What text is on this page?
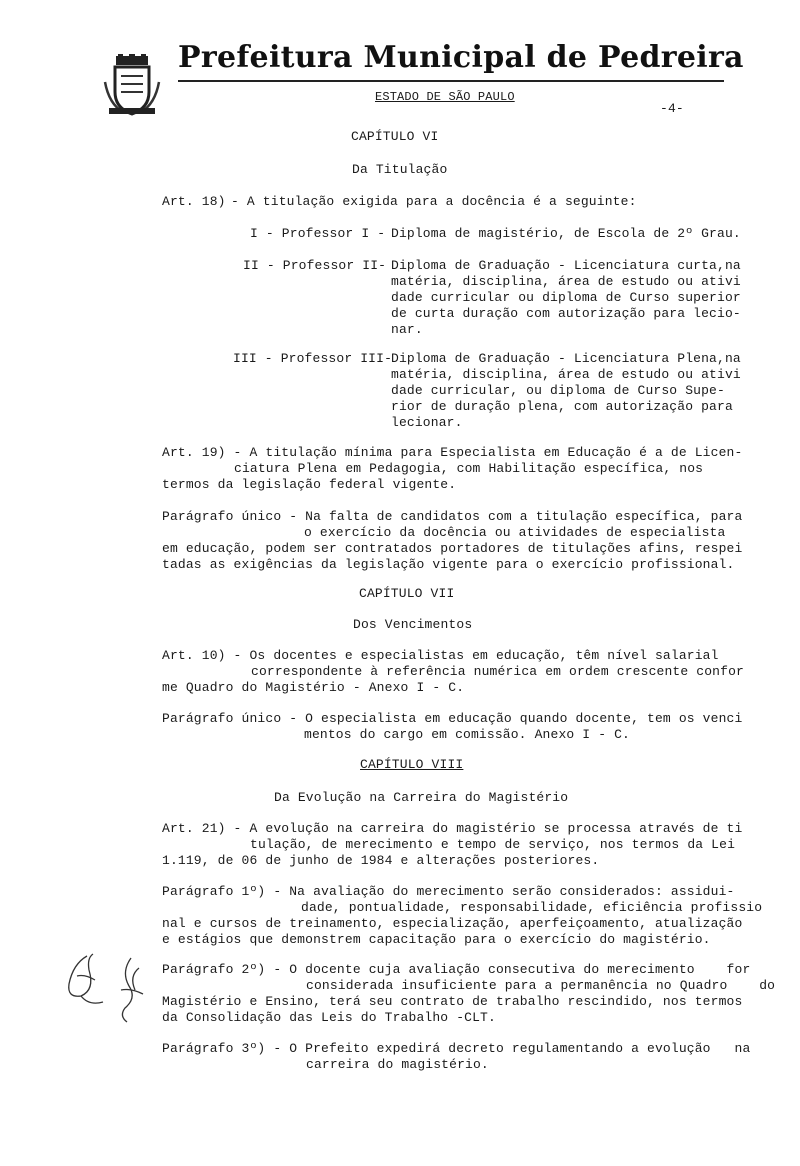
Prefeitura Municipal de Pedreira
ESTADO DE SÃO PAULO
-4-
CAPÍTULO VI
Da Titulação
Art. 18) - A titulação exigida para a docência é a seguinte:
I - Professor I - Diploma de magistério, de Escola de 2º Grau.
II - Professor II- Diploma de Graduação - Licenciatura curta,na
matéria, disciplina, área de estudo ou ativi
dade curricular ou diploma de Curso superior
de curta duração com autorização para lecio-
nar.
III - Professor III-
Diploma de Graduação - Licenciatura Plena,na
matéria, disciplina, área de estudo ou ativi
dade curricular, ou diploma de Curso Supe-
rior de duração plena, com autorização para
lecionar.
Art. 19) - A titulação mínima para Especialista em Educação é a de Licen-
ciatura Plena em Pedagogia, com Habilitação específica, nos
termos da legislação federal vigente.
Parágrafo único - Na falta de candidatos com a titulação específica, para
o exercício da docência ou atividades de especialista
em educação, podem ser contratados portadores de titulações afins, respei
tadas as exigências da legislação vigente para o exercício profissional.
CAPÍTULO VII
Dos Vencimentos
Art. 10) - Os docentes e especialistas em educação, têm nível salarial
correspondente à referência numérica em ordem crescente confor
me Quadro do Magistério - Anexo I - C.
Parágrafo único - O especialista em educação quando docente, tem os venci
mentos do cargo em comissão. Anexo I - C.
CAPÍTULO VIII
Da Evolução na Carreira do Magistério
Art. 21) - A evolução na carreira do magistério se processa através de ti
tulação, de merecimento e tempo de serviço, nos termos da Lei
1.119, de 06 de junho de 1984 e alterações posteriores.
Parágrafo 1º) - Na avaliação do merecimento serão considerados: assidui-
dade, pontualidade, responsabilidade, eficiência profissio
nal e cursos de treinamento, especialização, aperfeiçoamento, atualização
e estágios que demonstrem capacitação para o exercício do magistério.
Parágrafo 2º) - O docente cuja avaliação consecutiva do merecimento    for
considerada insuficiente para a permanência no Quadro    do
Magistério e Ensino, terá seu contrato de trabalho rescindido, nos termos
da Consolidação das Leis do Trabalho -CLT.
Parágrafo 3º) - O Prefeito expedirá decreto regulamentando a evolução   na
carreira do magistério.
